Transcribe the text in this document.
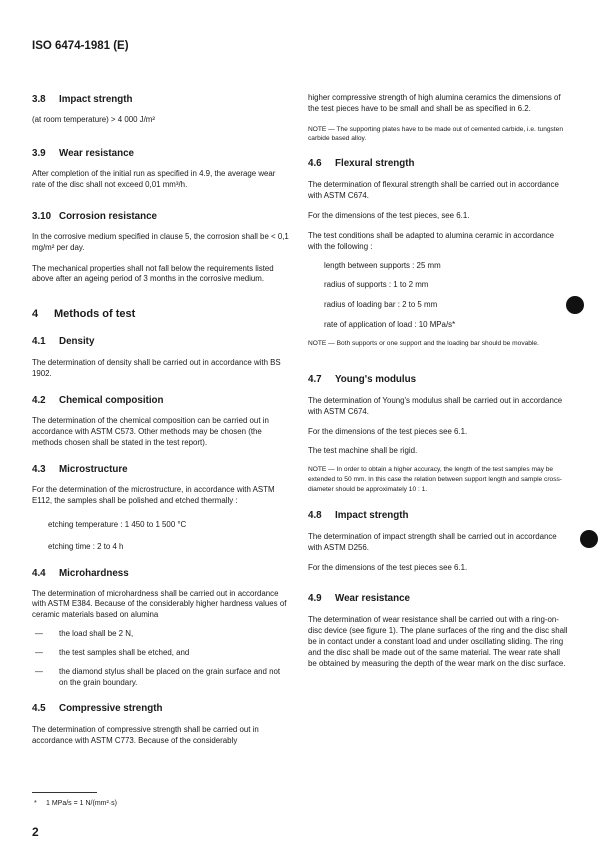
ISO 6474-1981 (E)
3.8 Impact strength

(at room temperature) > 4 000 J/m²

3.9 Wear resistance

After completion of the initial run as specified in 4.9, the average wear rate of the disc shall not exceed 0,01 mm³/h.

3.10 Corrosion resistance

In the corrosive medium specified in clause 5, the corrosion shall be < 0,1 mg/m² per day.

The mechanical properties shall not fall below the requirements listed above after an ageing period of 3 months in the corrosive medium.

4 Methods of test
4.1 Density

The determination of density shall be carried out in accordance with BS 1902.

4.2 Chemical composition

The determination of the chemical composition can be carried out in accordance with ASTM C573. Other methods may be chosen (the methods chosen shall be stated in the test report).

4.3 Microstructure

For the determination of the microstructure, in accordance with ASTM E112, the samples shall be polished and etched thermally :

etching temperature : 1 450 to 1 500 °C

etching time : 2 to 4 h

4.4 Microhardness

The determination of microhardness shall be carried out in accordance with ASTM E384. Because of the considerably higher hardness values of ceramic materials based on alumina

—	the load shall be 2 N,
—	the test samples shall be etched, and
—	the diamond stylus shall be placed on the grain surface and not on the grain boundary.
4.5 Compressive strength

The determination of compressive strength shall be carried out in accordance with ASTM C773. Because of the considerably

higher compressive strength of high alumina ceramics the dimensions of the test pieces have to be small and shall be as specified in 6.2.

NOTE — The supporting plates have to be made out of cemented carbide, i.e. tungsten carbide based alloy.

4.6 Flexural strength

The determination of flexural strength shall be carried out in accordance with ASTM C674.

For the dimensions of the test pieces, see 6.1.

The test conditions shall be adapted to alumina ceramic in accordance with the following :

length between supports : 25 mm

radius of supports : 1 to 2 mm

radius of loading bar : 2 to 5 mm

rate of application of load : 10 MPa/s*

NOTE — Both supports or one support and the loading bar should be movable.

4.7 Young's modulus

The determination of Young's modulus shall be carried out in accordance with ASTM C674.

For the dimensions of the test pieces see 6.1.

The test machine shall be rigid.

NOTE — In order to obtain a higher accuracy, the length of the test samples may be extended to 50 mm. In this case the relation between support length and sample cross-diameter should be approximately 10 : 1.

4.8 Impact strength

The determination of impact strength shall be carried out in accordance with ASTM D256.

For the dimensions of the test pieces see 6.1.

4.9 Wear resistance

The determination of wear resistance shall be carried out with a ring-on-disc device (see figure 1). The plane surfaces of the ring and the disc shall be in contact under a constant load and under oscillating sliding. The ring and the disc shall be made out of the same material. The wear rate shall be obtained by measuring the depth of the wear mark on the disc surface.

* 1 MPa/s = 1 N/(mm²·s)
2
